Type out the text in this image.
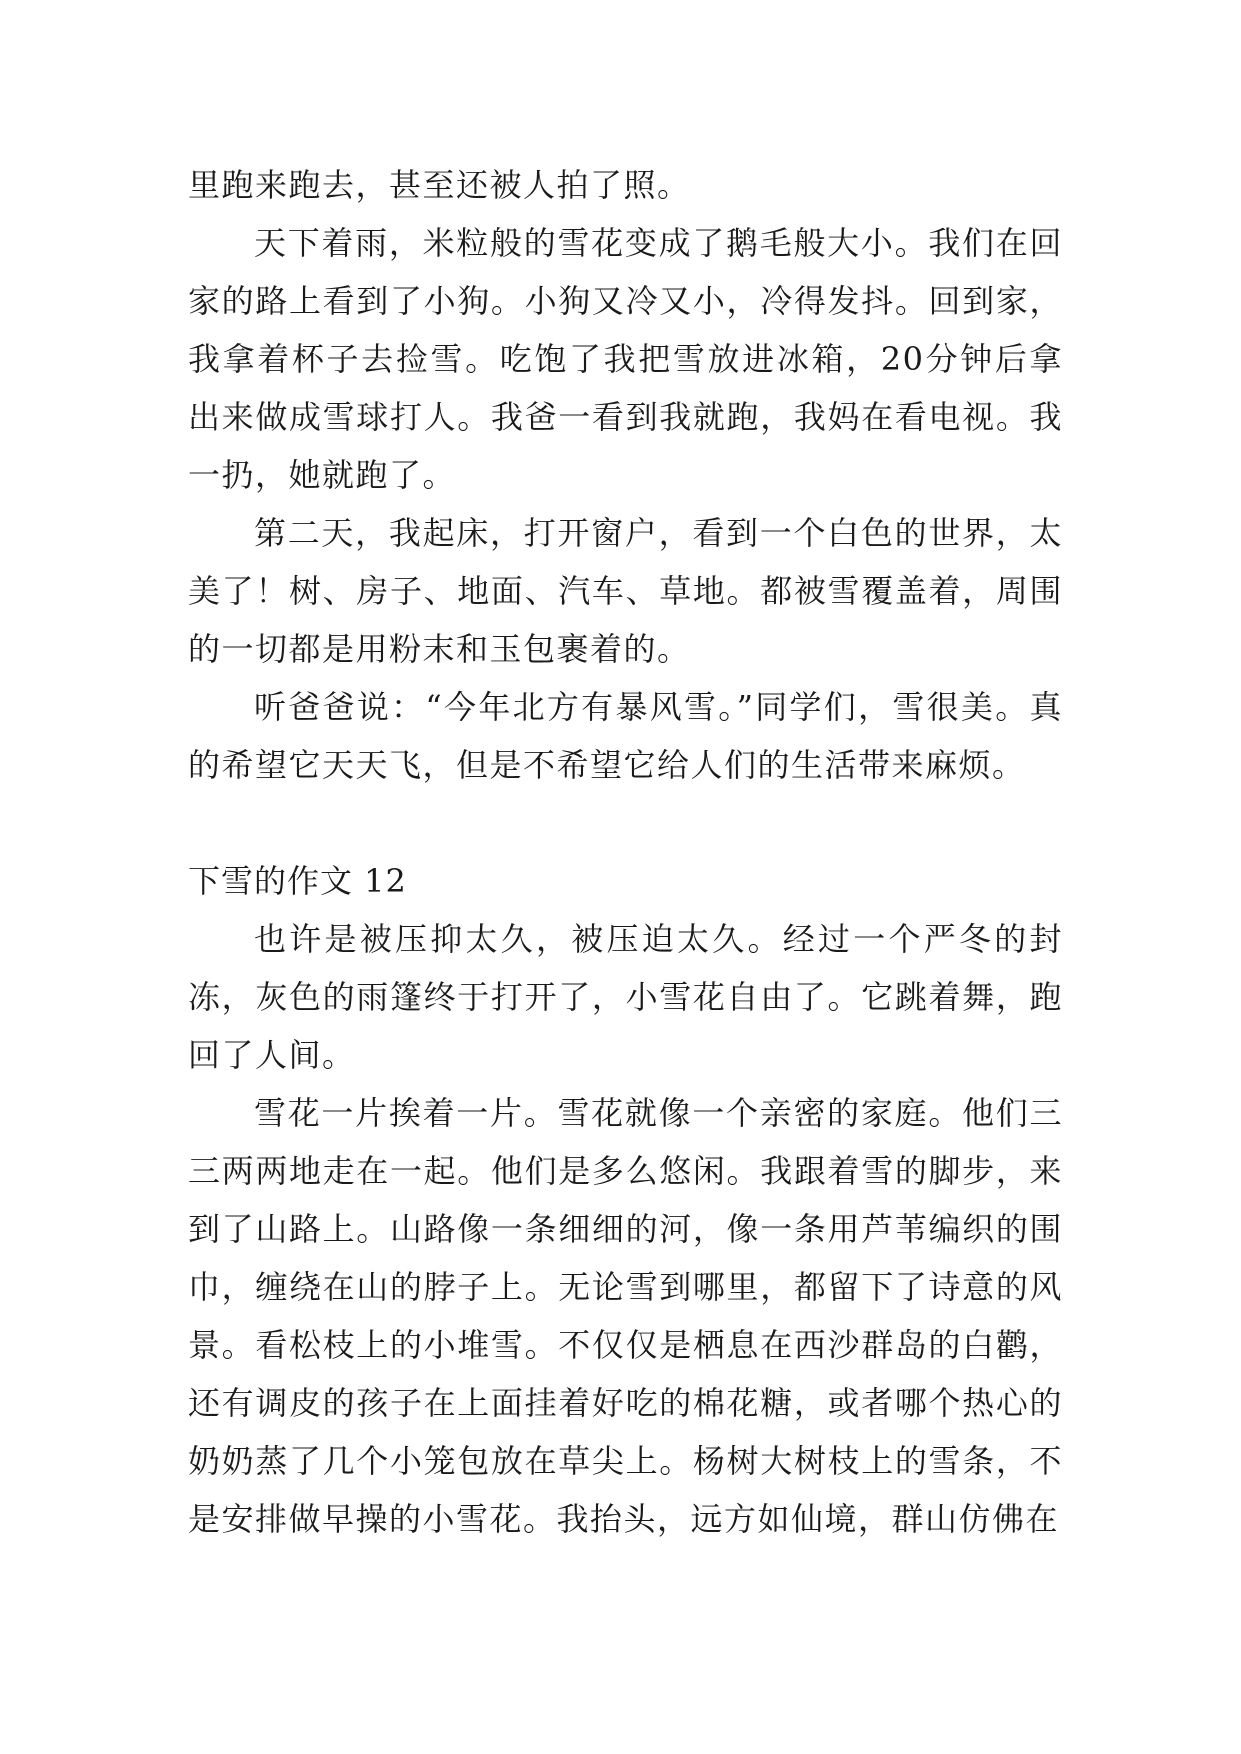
里跑来跑去，甚至还被人拍了照。

天下着雨，米粒般的雪花变成了鹅毛般大小。我们在回家的路上看到了小狗。小狗又冷又小，冷得发抖。回到家，我拿着杯子去捡雪。吃饱了我把雪放进冰箱，20分钟后拿出来做成雪球打人。我爸一看到我就跑，我妈在看电视。我一扔，她就跑了。

第二天，我起床，打开窗户，看到一个白色的世界，太美了！树、房子、地面、汽车、草地。都被雪覆盖着，周围的一切都是用粉末和玉包裹着的。

听爸爸说：“今年北方有暴风雪。”同学们，雪很美。真的希望它天天飞，但是不希望它给人们的生活带来麻烦。

下雪的作文 12

也许是被压抑太久，被压迫太久。经过一个严冬的封冻，灰色的雨篷终于打开了，小雪花自由了。它跳着舞，跑回了人间。

雪花一片挨着一片。雪花就像一个亲密的家庭。他们三三两两地走在一起。他们是多么悠闲。我跟着雪的脚步，来到了山路上。山路像一条细细的河，像一条用芦苇编织的围巾，缠绕在山的脖子上。无论雪到哪里，都留下了诗意的风景。看松枝上的小堆雪。不仅仅是栖息在西沙群岛的白鹳，还有调皮的孩子在上面挂着好吃的棉花糖，或者哪个热心的奶奶蒸了几个小笼包放在草尖上。杨树大树枝上的雪条，不是安排做早操的小雪花。我抬头，远方如仙境，群山仿佛在
